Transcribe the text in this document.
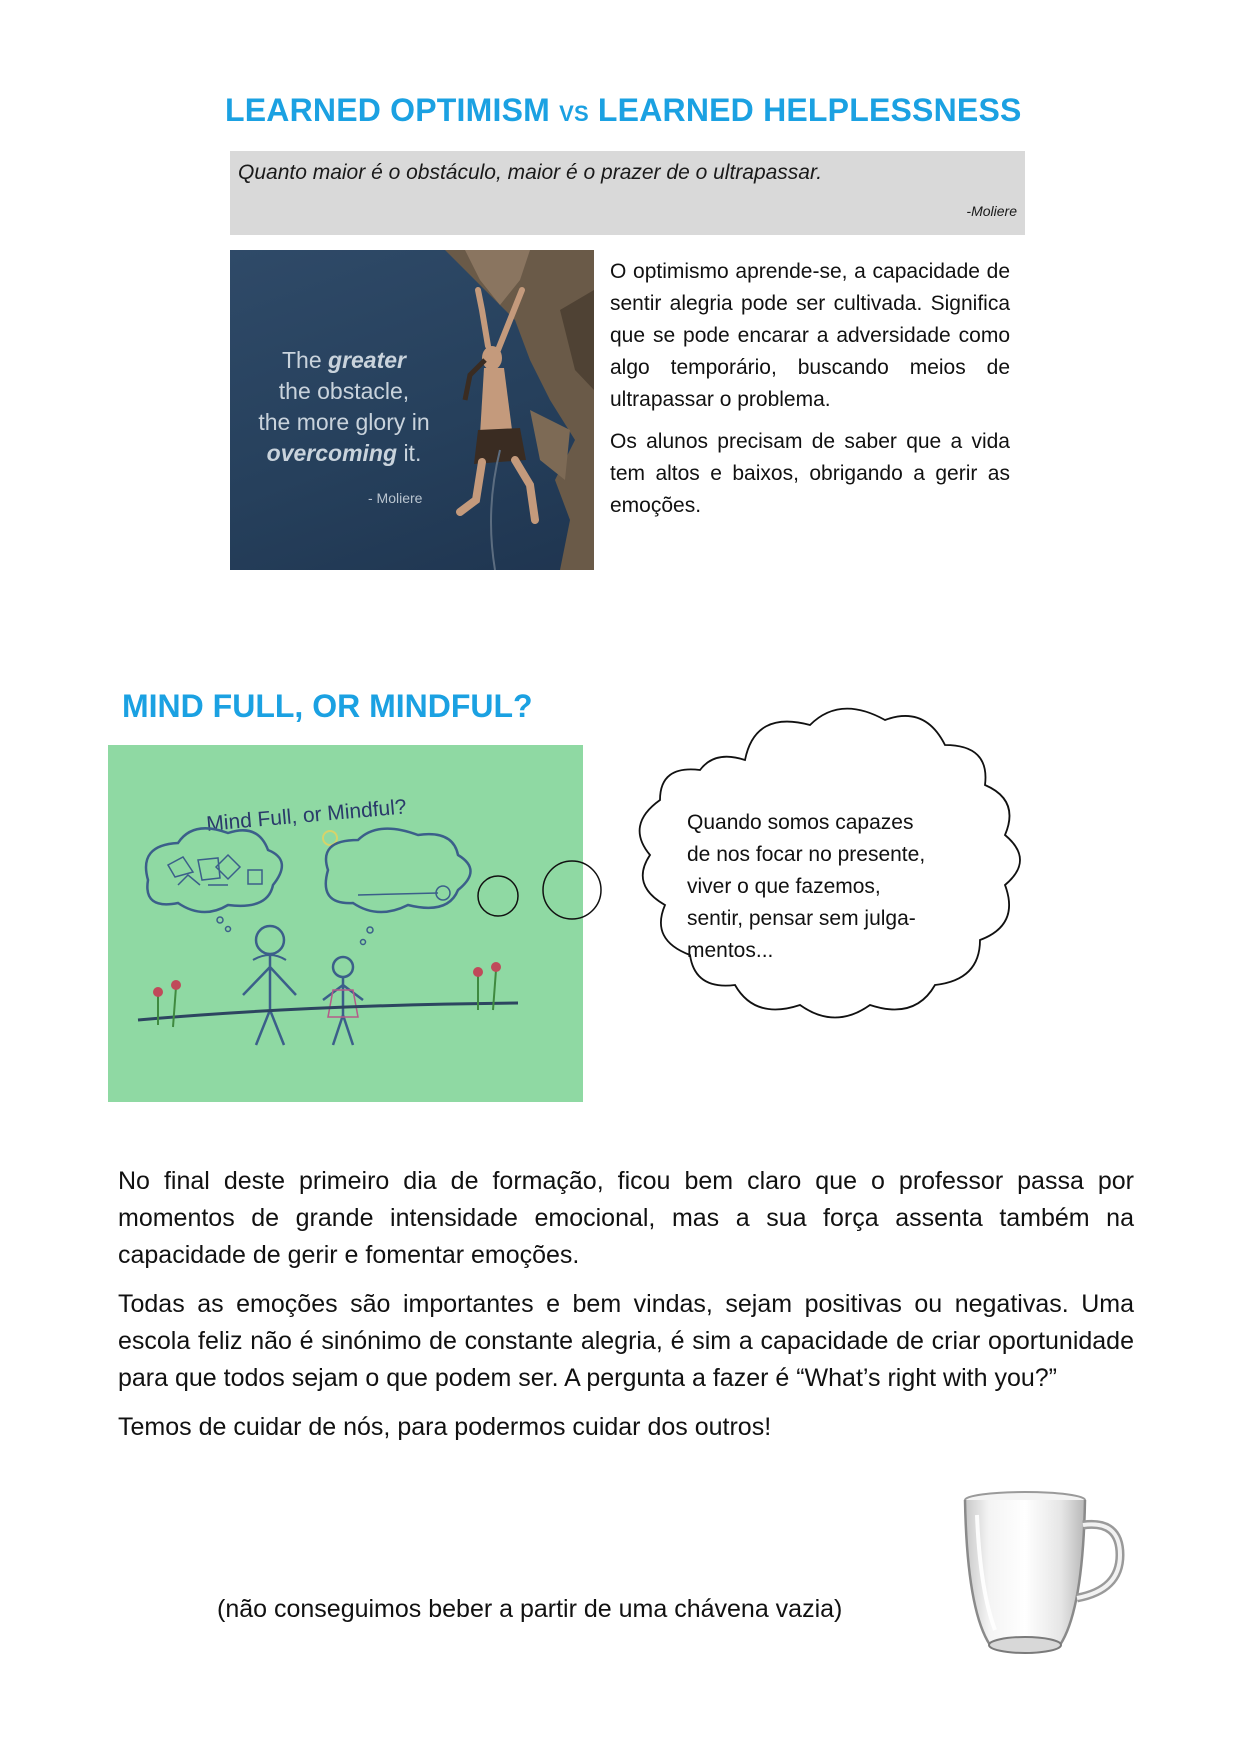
LEARNED OPTIMISM VS LEARNED HELPLESSNESS
Quanto maior é o obstáculo, maior é o prazer de o ultrapassar.
-Moliere
The greater
the obstacle,
the more glory in
overcoming it.
- Moliere

O optimismo aprende-se, a capacidade de sentir alegria pode ser cultivada. Significa que se pode encarar a adversidade como algo temporário, buscando meios de ultrapassar o problema.

Os alunos precisam de saber que a vida tem altos e baixos, obrigando a gerir as emoções.

MIND FULL, OR MINDFUL?
Mind Full, or Mindful?	Quando somos capazes
de nos focar no presente,
viver o que fazemos,
sentir, pensar sem julga-
mentos...

No final deste primeiro dia de formação, ficou bem claro que o professor passa por momentos de grande intensidade emocional, mas a sua força assenta também na capacidade de gerir e fomentar emoções.

Todas as emoções são importantes e bem vindas, sejam positivas ou negativas. Uma escola feliz não é sinónimo de constante alegria, é sim a capacidade de criar oportunidade para que todos sejam o que podem ser. A pergunta a fazer é “What’s right with you?”

Temos de cuidar de nós, para podermos cuidar dos outros!

(não conseguimos beber a partir de uma chávena vazia)
